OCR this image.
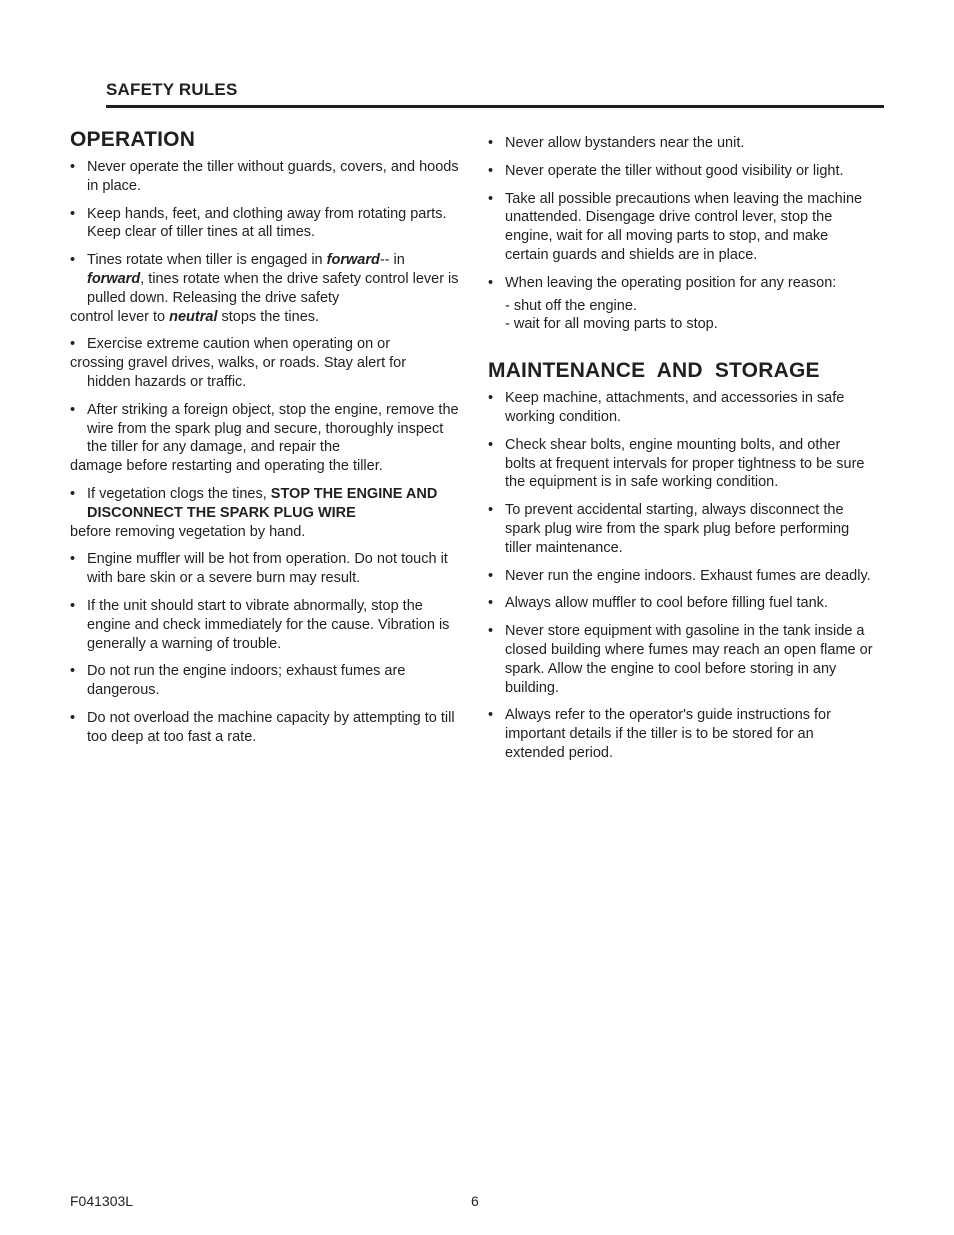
SAFETY RULES
OPERATION
• Never operate the tiller without guards, covers, and hoods in place.
• Keep hands, feet, and clothing away from rotating parts. Keep clear of tiller tines at all times.
• Tines rotate when tiller is engaged in forward-- in forward, tines rotate when the drive safety control lever is pulled down. Releasing the drive safety
control lever to neutral stops the tines.
• Exercise extreme caution when operating on or
crossing gravel drives, walks, or roads. Stay alert for
hidden hazards or traffic.
• After striking a foreign object, stop the engine, remove the wire from the spark plug and secure, thoroughly inspect the tiller for any damage, and repair the
damage before restarting and operating the tiller.
• If vegetation clogs the tines, STOP THE ENGINE AND DISCONNECT THE SPARK PLUG WIRE
before removing vegetation by hand.
• Engine muffler will be hot from operation. Do not touch it with bare skin or a severe burn may result.
• If the unit should start to vibrate abnormally, stop the engine and check immediately for the cause. Vibration is generally a warning of trouble.
• Do not run the engine indoors; exhaust fumes are dangerous.
• Do not overload the machine capacity by attempting to till too deep at too fast a rate.
• Never allow bystanders near the unit.
• Never operate the tiller without good visibility or light.
• Take all possible precautions when leaving the machine unattended. Disengage drive control lever, stop the engine, wait for all moving parts to stop, and make certain guards and shields are in place.
• When leaving the operating position for any reason:
- shut off the engine.
- wait for all moving parts to stop.
MAINTENANCE  AND  STORAGE
• Keep machine, attachments, and accessories in safe working condition.
• Check shear bolts, engine mounting bolts, and other bolts at frequent intervals for proper tightness to be sure the equipment is in safe working condition.
• To prevent accidental starting, always disconnect the spark plug wire from the spark plug before performing tiller maintenance.
• Never run the engine indoors. Exhaust fumes are deadly.
• Always allow muffler to cool before filling fuel tank.
• Never store equipment with gasoline in the tank inside a closed building where fumes may reach an open flame or spark. Allow the engine to cool before storing in any building.
• Always refer to the operator's guide instructions for important details if the tiller is to be stored for an extended period.
F041303L	6
